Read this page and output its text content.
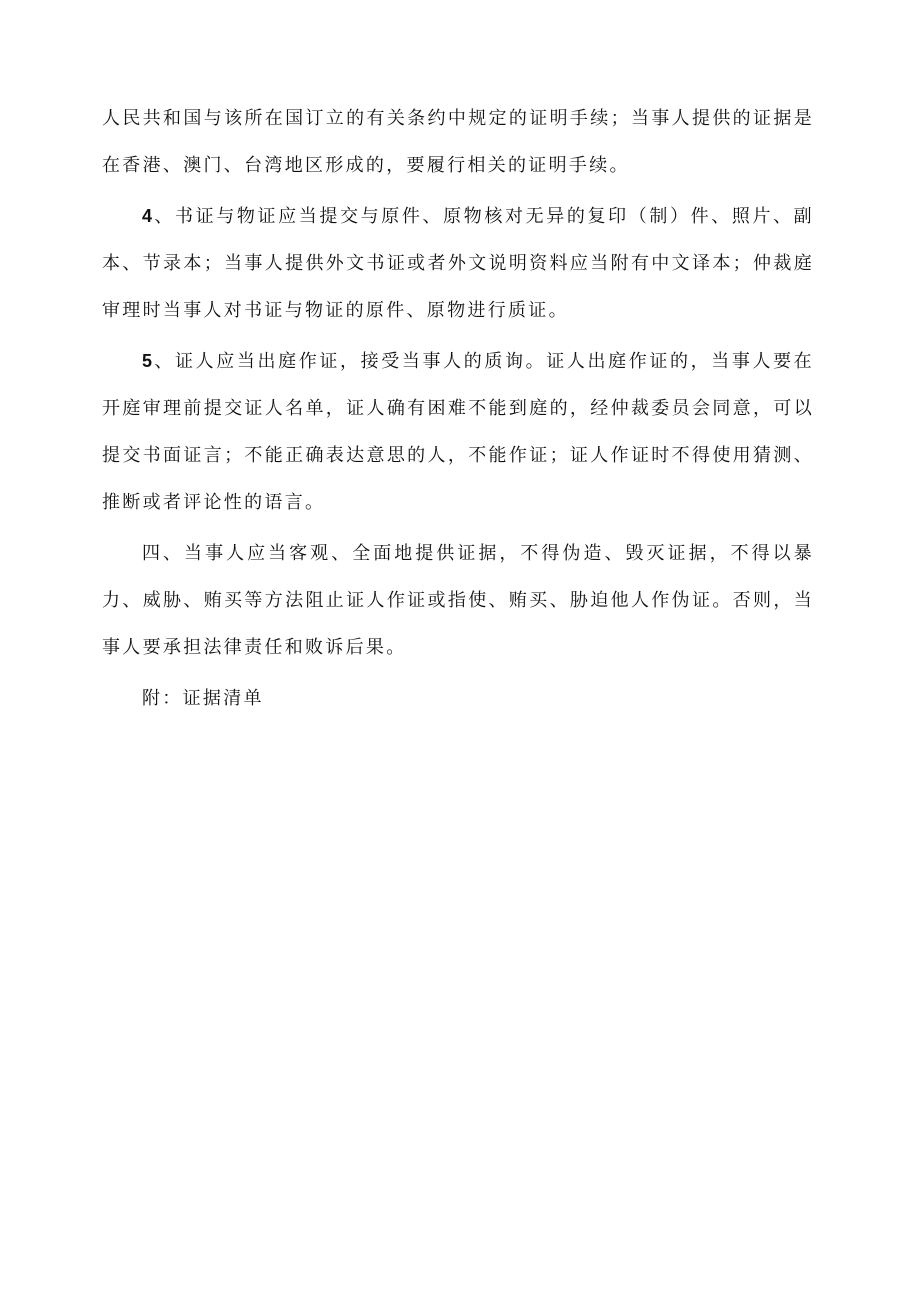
人民共和国与该所在国订立的有关条约中规定的证明手续；当事人提供的证据是在香港、澳门、台湾地区形成的，要履行相关的证明手续。

4 、书证与物证应当提交与原件、原物核对无异的复印（制）件、照片、副本、节录本；当事人提供外文书证或者外文说明资料应当附有中文译本；仲裁庭审理时当事人对书证与物证的原件、原物进行质证。

5 、证人应当出庭作证，接受当事人的质询。证人出庭作证的，当事人要在开庭审理前提交证人名单，证人确有困难不能到庭的，经仲裁委员会同意，可以提交书面证言；不能正确表达意思的人，不能作证；证人作证时不得使用猜测、推断或者评论性的语言。

四、当事人应当客观、全面地提供证据，不得伪造、毁灭证据，不得以暴力、威胁、贿买等方法阻止证人作证或指使、贿买、胁迫他人作伪证。否则，当事人要承担法律责任和败诉后果。

附：证据清单
